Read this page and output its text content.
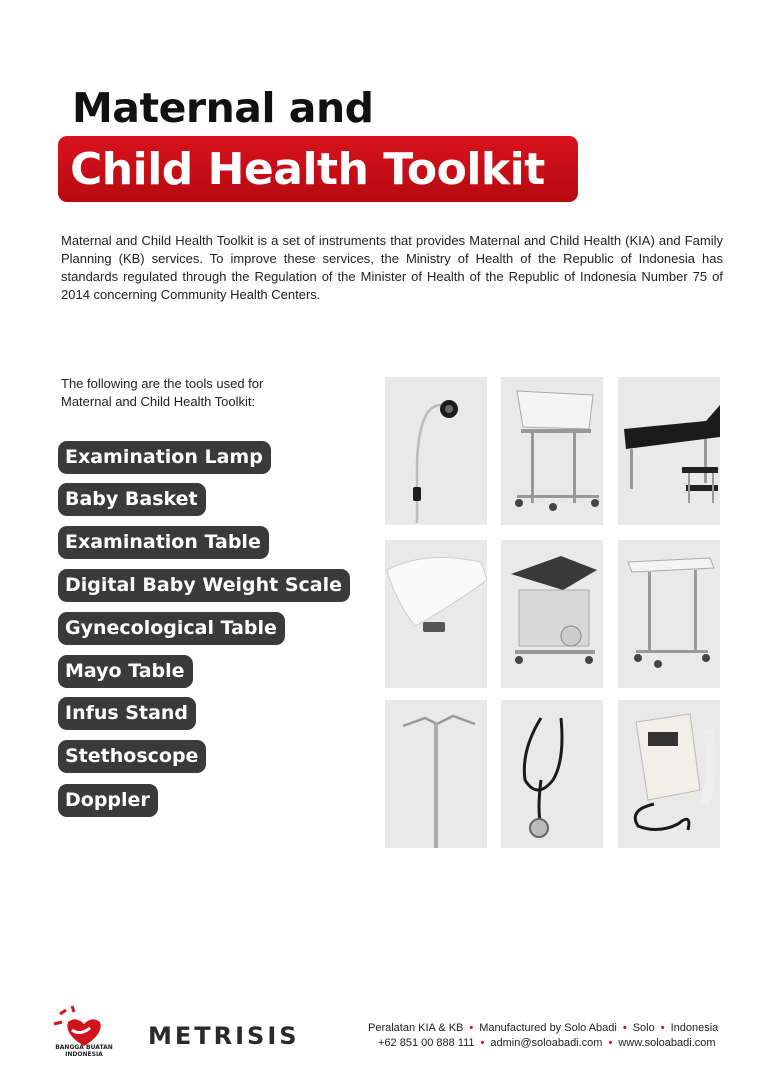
Maternal and
Child Health Toolkit

Maternal and Child Health Toolkit is a set of instruments that provides Maternal and Child Health (KIA) and Family Planning (KB) services. To improve these services, the Ministry of Health of the Republic of Indonesia has standards regulated through the Regulation of the Minister of Health of the Republic of Indonesia Number 75 of 2014 concerning Community Health Centers.

The following are the tools used for
Maternal and Child Health Toolkit:
Examination Lamp
Baby Basket
Examination Table
Digital Baby Weight Scale
Gynecological Table
Mayo Table
Infus Stand
Stethoscope
Doppler
BANGGA BUATAN INDONESIA
METRISIS	Peralatan KIA & KB • Manufactured by Solo Abadi • Solo • Indonesia
+62 851 00 888 111 • admin@soloabadi.com • www.soloabadi.com
